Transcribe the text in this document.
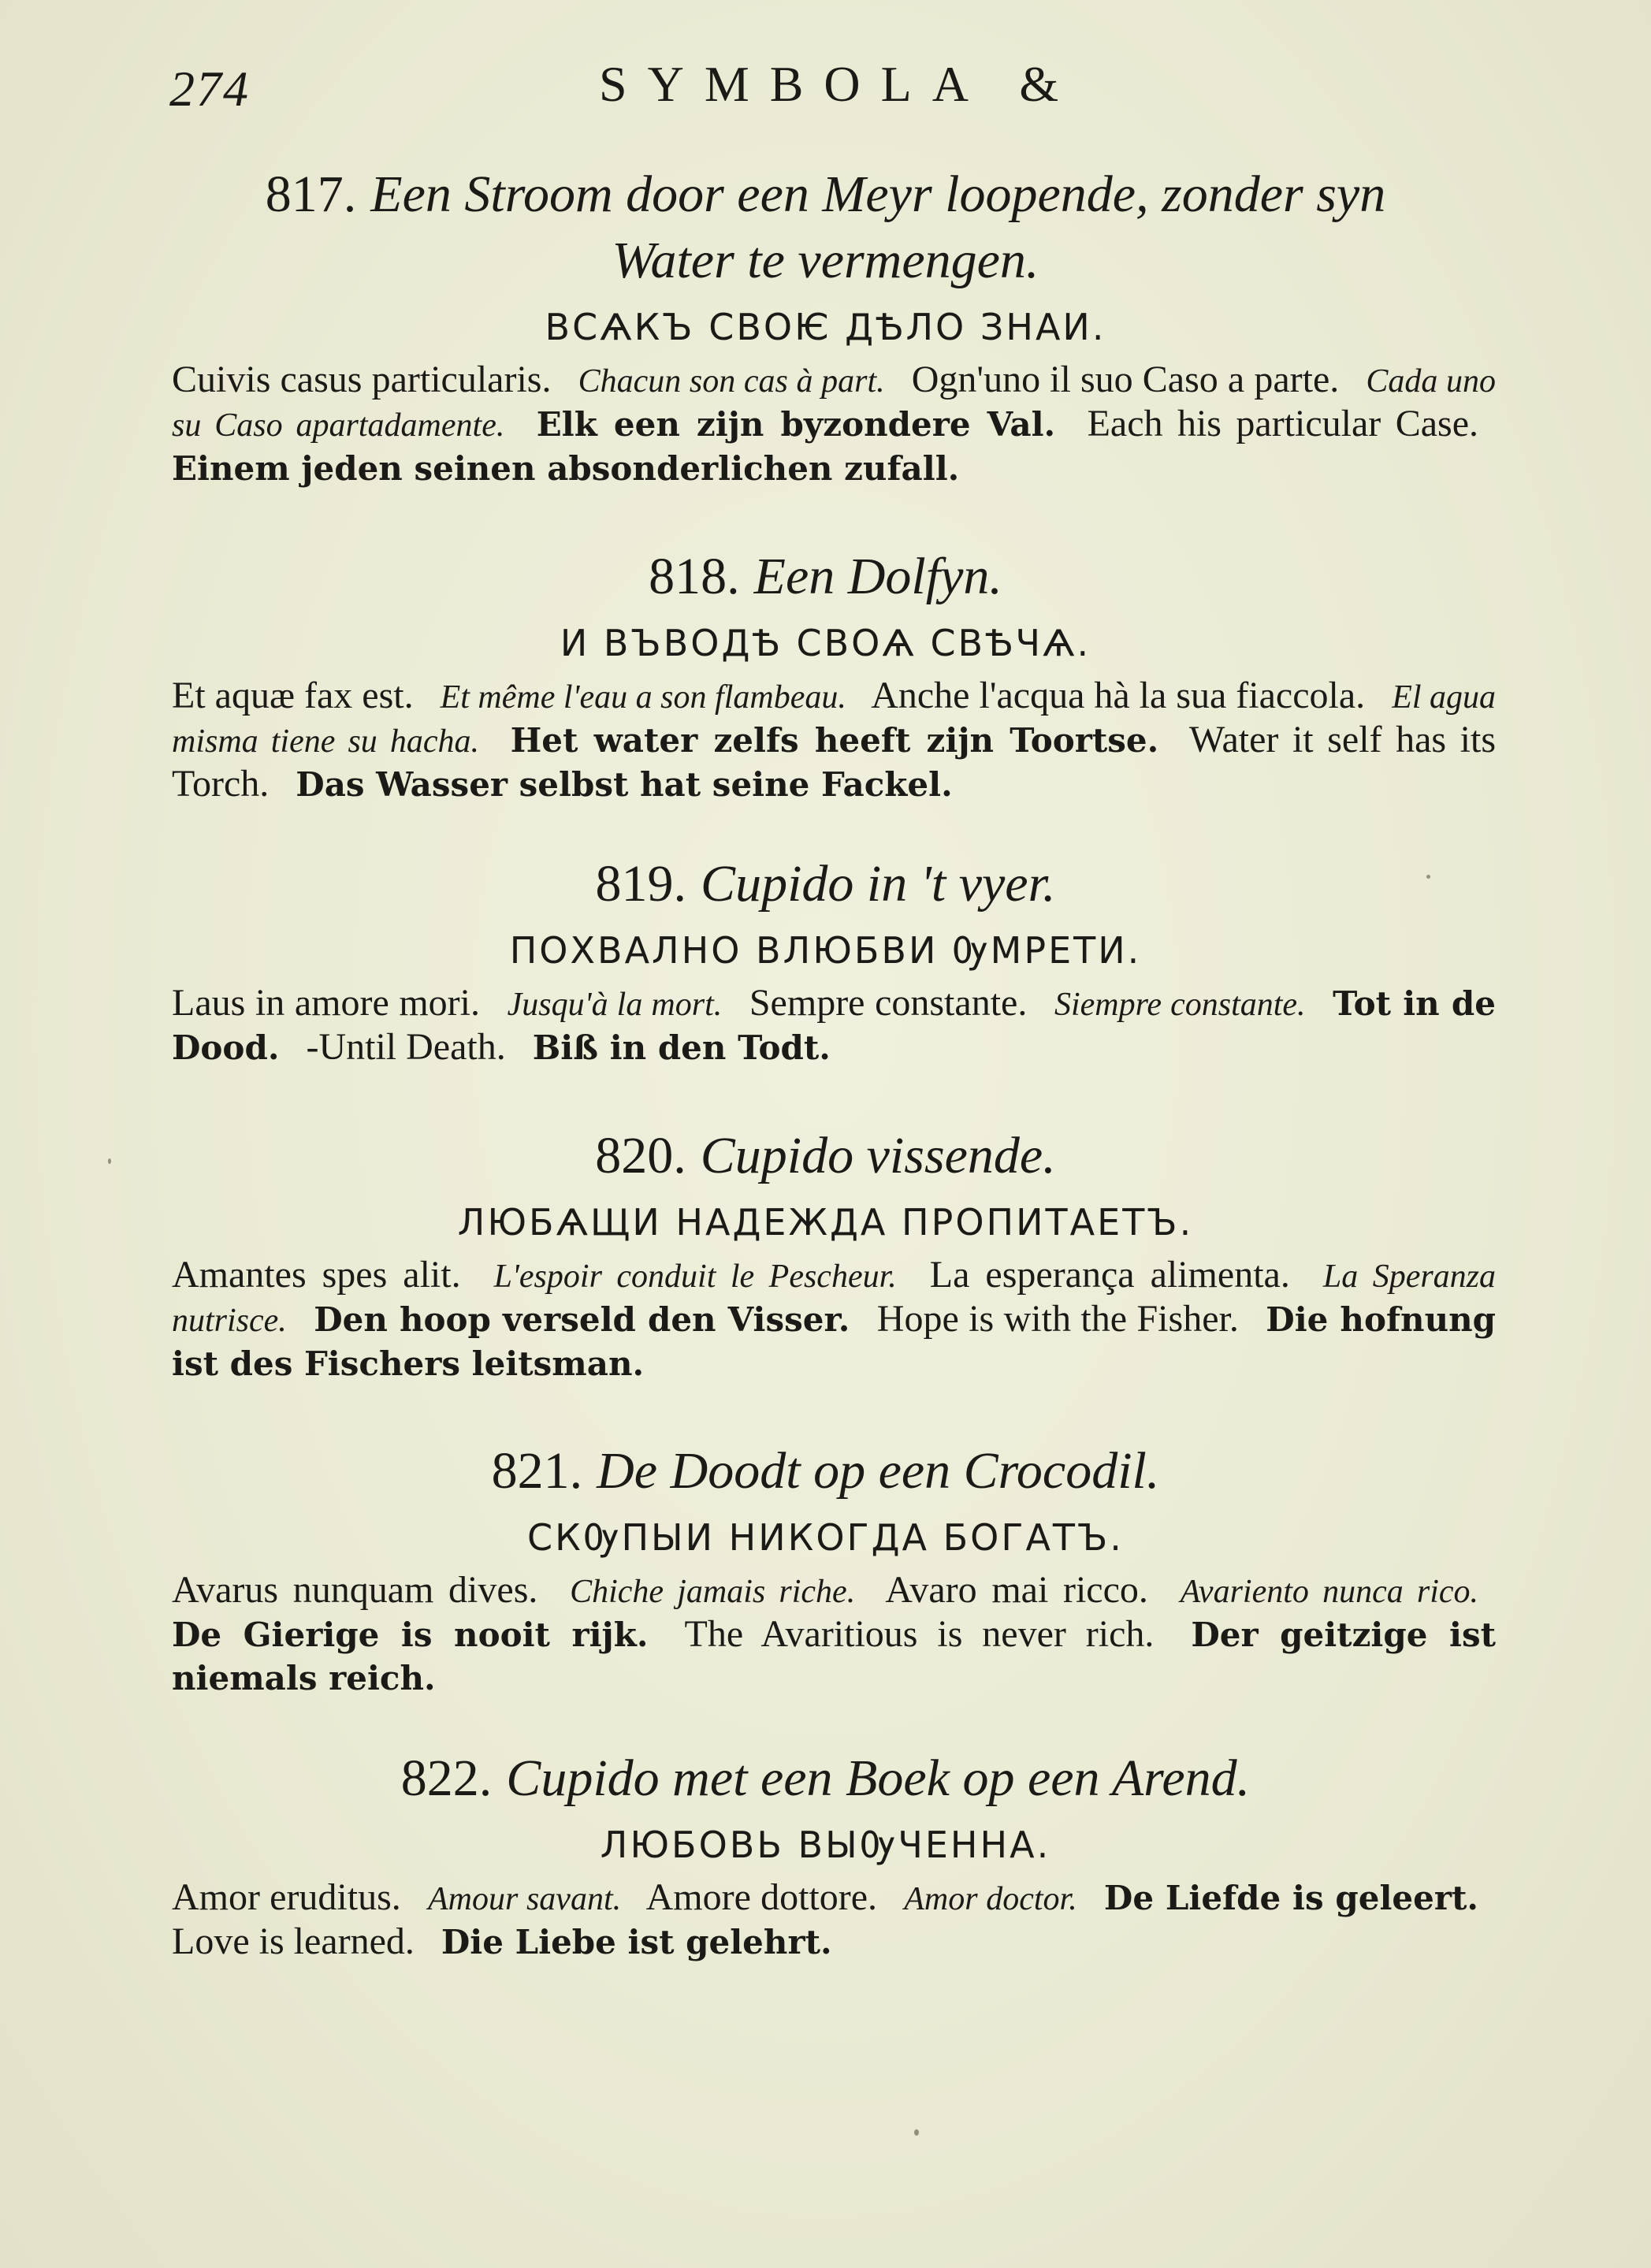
274	SYMBOLA &
817. Een Stroom door een Meyr loopende, zonder syn
Water te vermengen.
ВСѦКЪ СВОѤ ДѢЛО ЗНАИ.
Cuivis casus particularis. Chacun son cas à part. Ogn'uno il suo Caso a parte. Cada uno su Caso apartadamente. Elk een zijn byzondere Val. Each his particular Case. Einem jeden seinen absonderlichen zufall.
818. Een Dolfyn.
И ВЪВОДѢ СВОѦ СВѢЧѦ.
Et aquæ fax est. Et même l'eau a son flambeau. Anche l'acqua hà la sua fiaccola. El agua misma tiene su hacha. Het water zelfs heeft zijn Toortse. Water it self has its Torch. Das Wasser selbst hat seine Fackel.
819. Cupido in 't vyer.
ПОХВАЛНО ВЛЮБВИ ѸМРЕТИ.
Laus in amore mori. Jusqu'à la mort. Sempre constante. Siempre constante. Tot in de Dood. -Until Death. Biß in den Todt.
820. Cupido vissende.
ЛЮБѦЩИ НАДЕЖДА ПРОПИТАЕТЪ.
Amantes spes alit. L'espoir conduit le Pescheur. La esperança alimenta. La Speranza nutrisce. Den hoop verseld den Visser. Hope is with the Fisher. Die hofnung ist des Fischers leitsman.
821. De Doodt op een Crocodil.
СКѸПЫИ НИКОГДА БОГАТЪ.
Avarus nunquam dives. Chiche jamais riche. Avaro mai ricco. Avariento nunca rico. De Gierige is nooit rijk. The Avaritious is never rich. Der geitzige ist niemals reich.
822. Cupido met een Boek op een Arend.
ЛЮБОВЬ ВЫѸЧЕННА.
Amor eruditus. Amour savant. Amore dottore. Amor doctor. De Liefde is geleert. Love is learned. Die Liebe ist gelehrt.
